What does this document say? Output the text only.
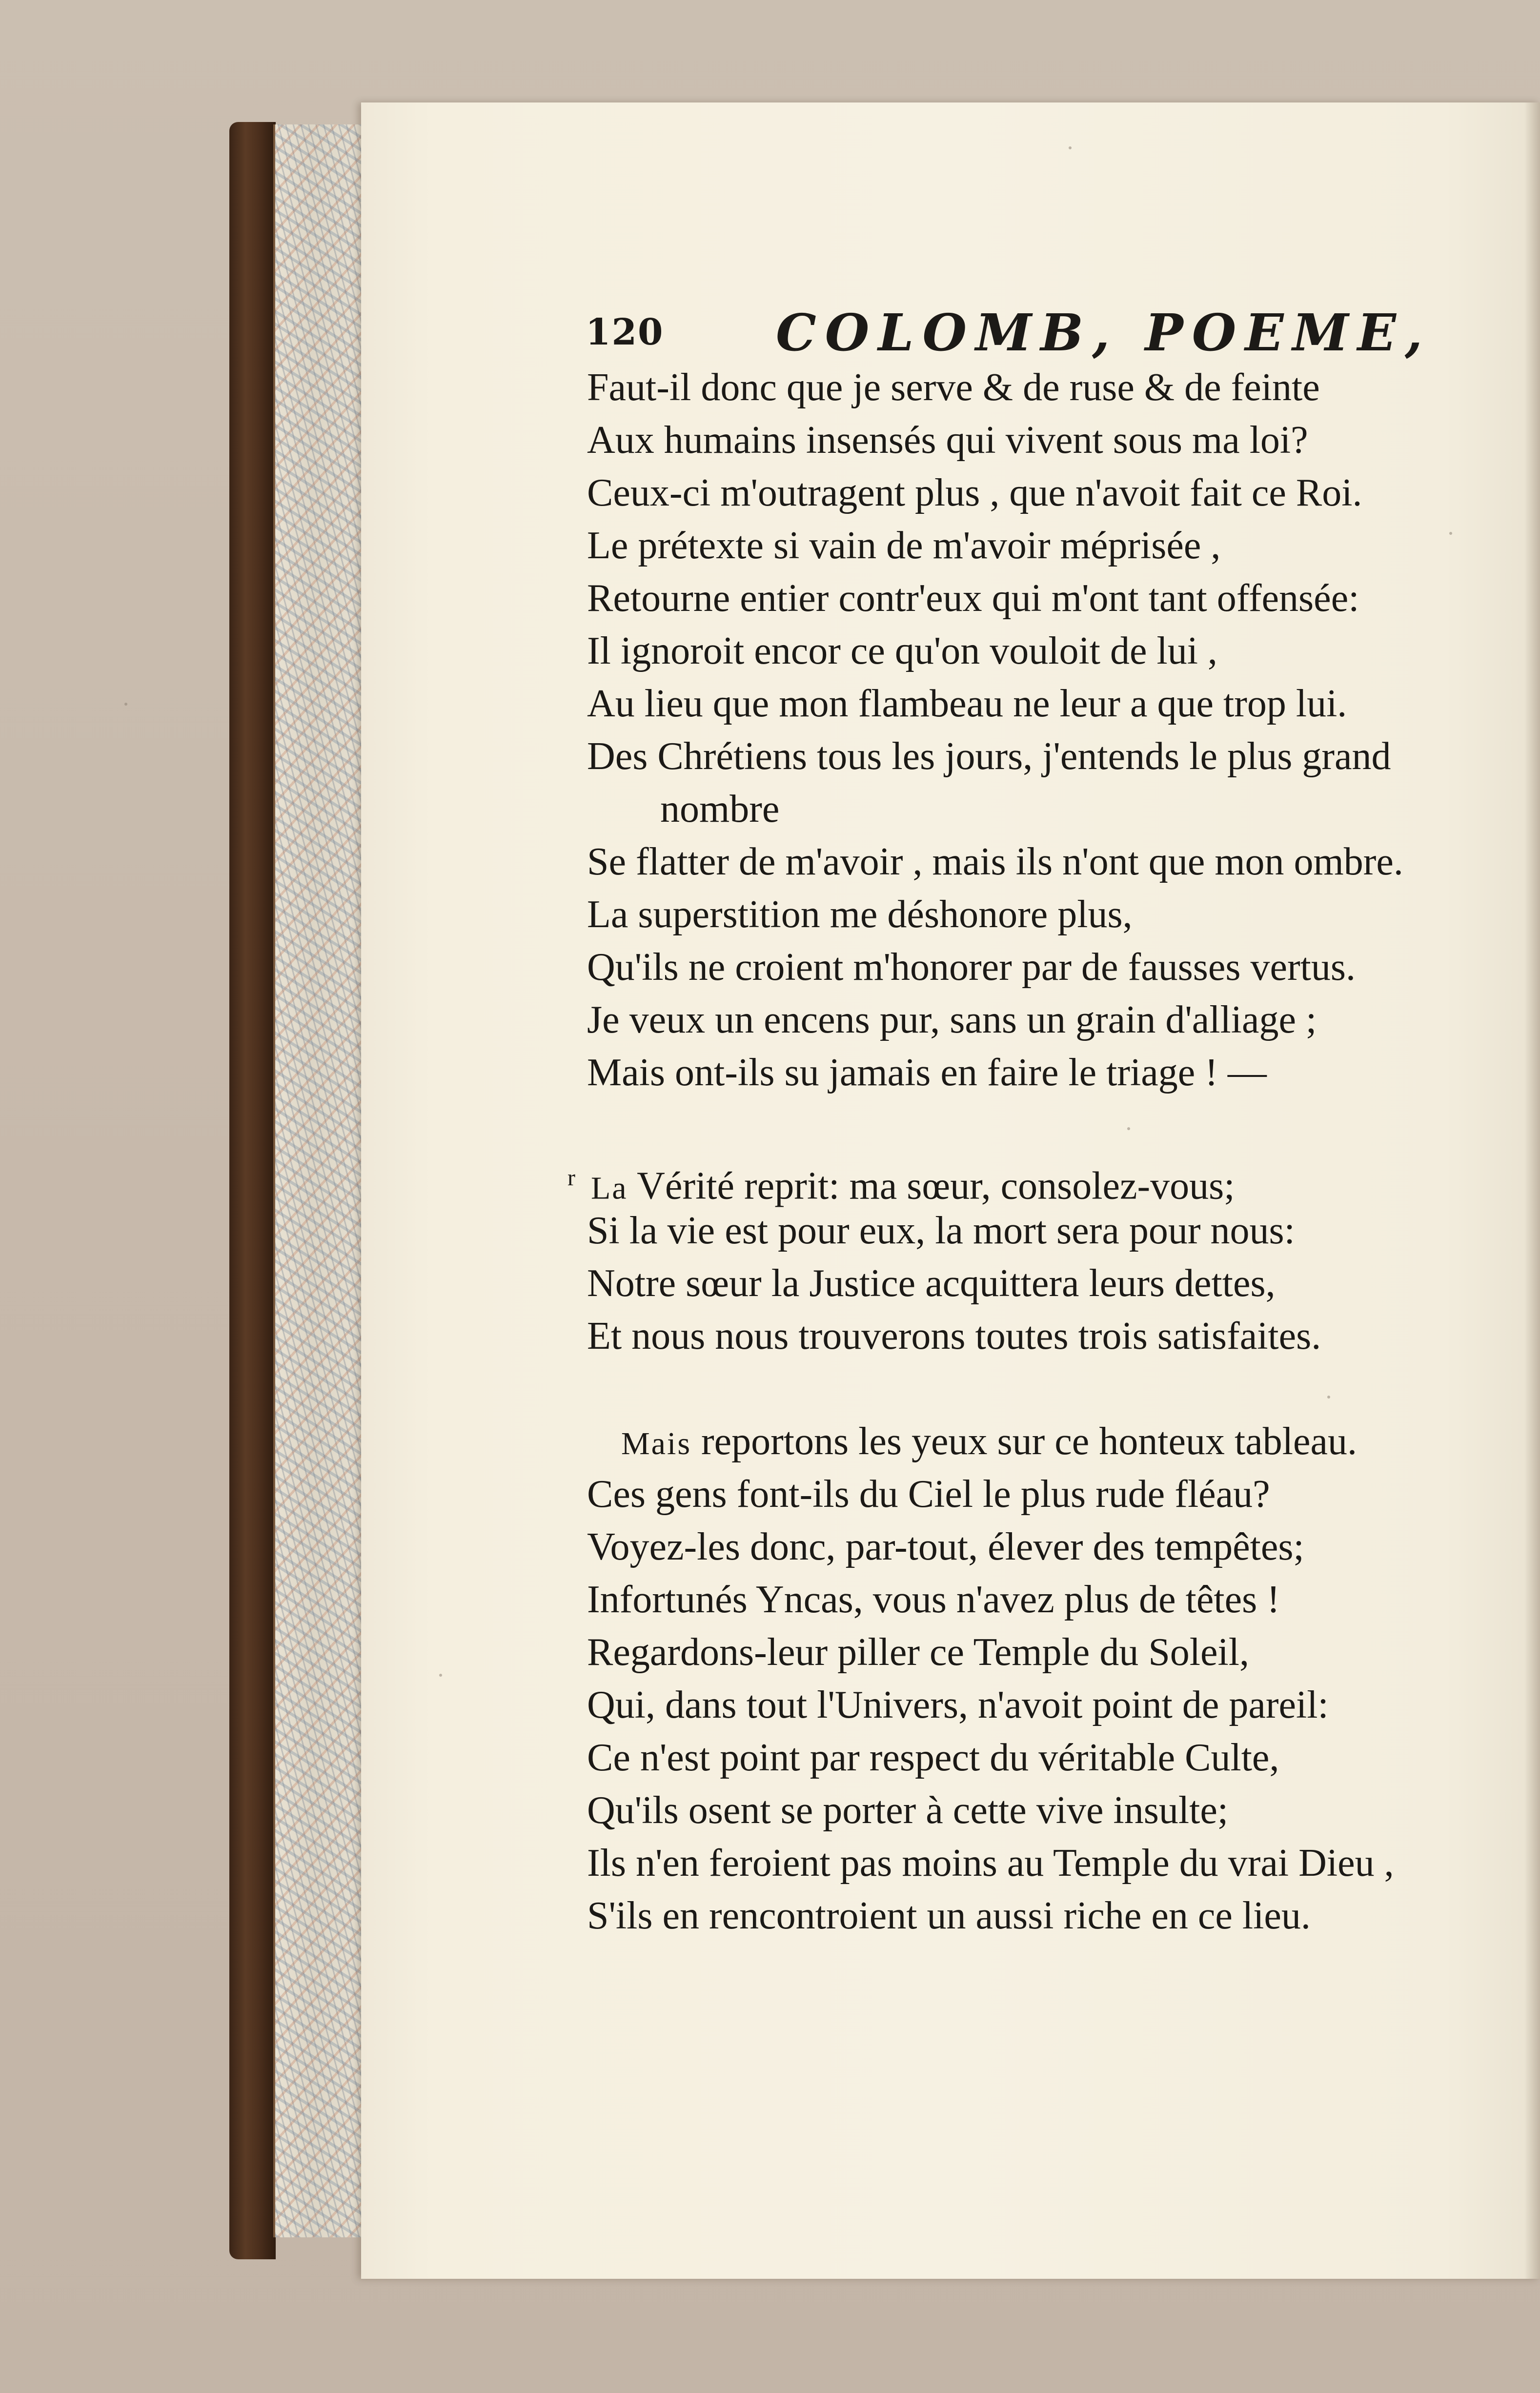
120 COLOMB, POEME,
Faut-il donc que je serve & de ruse & de feinte
Aux humains insensés qui vivent sous ma loi?
Ceux-ci m'outragent plus , que n'avoit fait ce Roi.
Le prétexte si vain de m'avoir méprisée ,
Retourne entier contr'eux qui m'ont tant offensée:
Il ignoroit encor ce qu'on vouloit de lui ,
Au lieu que mon flambeau ne leur a que trop lui.
Des Chrétiens tous les jours, j'entends le plus grand
nombre
Se flatter de m'avoir , mais ils n'ont que mon ombre.
La superstition me déshonore plus,
Qu'ils ne croient m'honorer par de fausses vertus.
Je veux un encens pur, sans un grain d'alliage ;
Mais ont-ils su jamais en faire le triage ! —
$^r$ La Vérité reprit: ma sœur, consolez-vous;
Si la vie est pour eux, la mort sera pour nous:
Notre sœur la Justice acquittera leurs dettes,
Et nous nous trouverons toutes trois satisfaites.
Mais reportons les yeux sur ce honteux tableau.
Ces gens font-ils du Ciel le plus rude fléau?
Voyez-les donc, par-tout, élever des tempêtes;
Infortunés Yncas, vous n'avez plus de têtes !
Regardons-leur piller ce Temple du Soleil,
Qui, dans tout l'Univers, n'avoit point de pareil:
Ce n'est point par respect du véritable Culte,
Qu'ils osent se porter à cette vive insulte;
Ils n'en feroient pas moins au Temple du vrai Dieu ,
S'ils en rencontroient un aussi riche en ce lieu.
